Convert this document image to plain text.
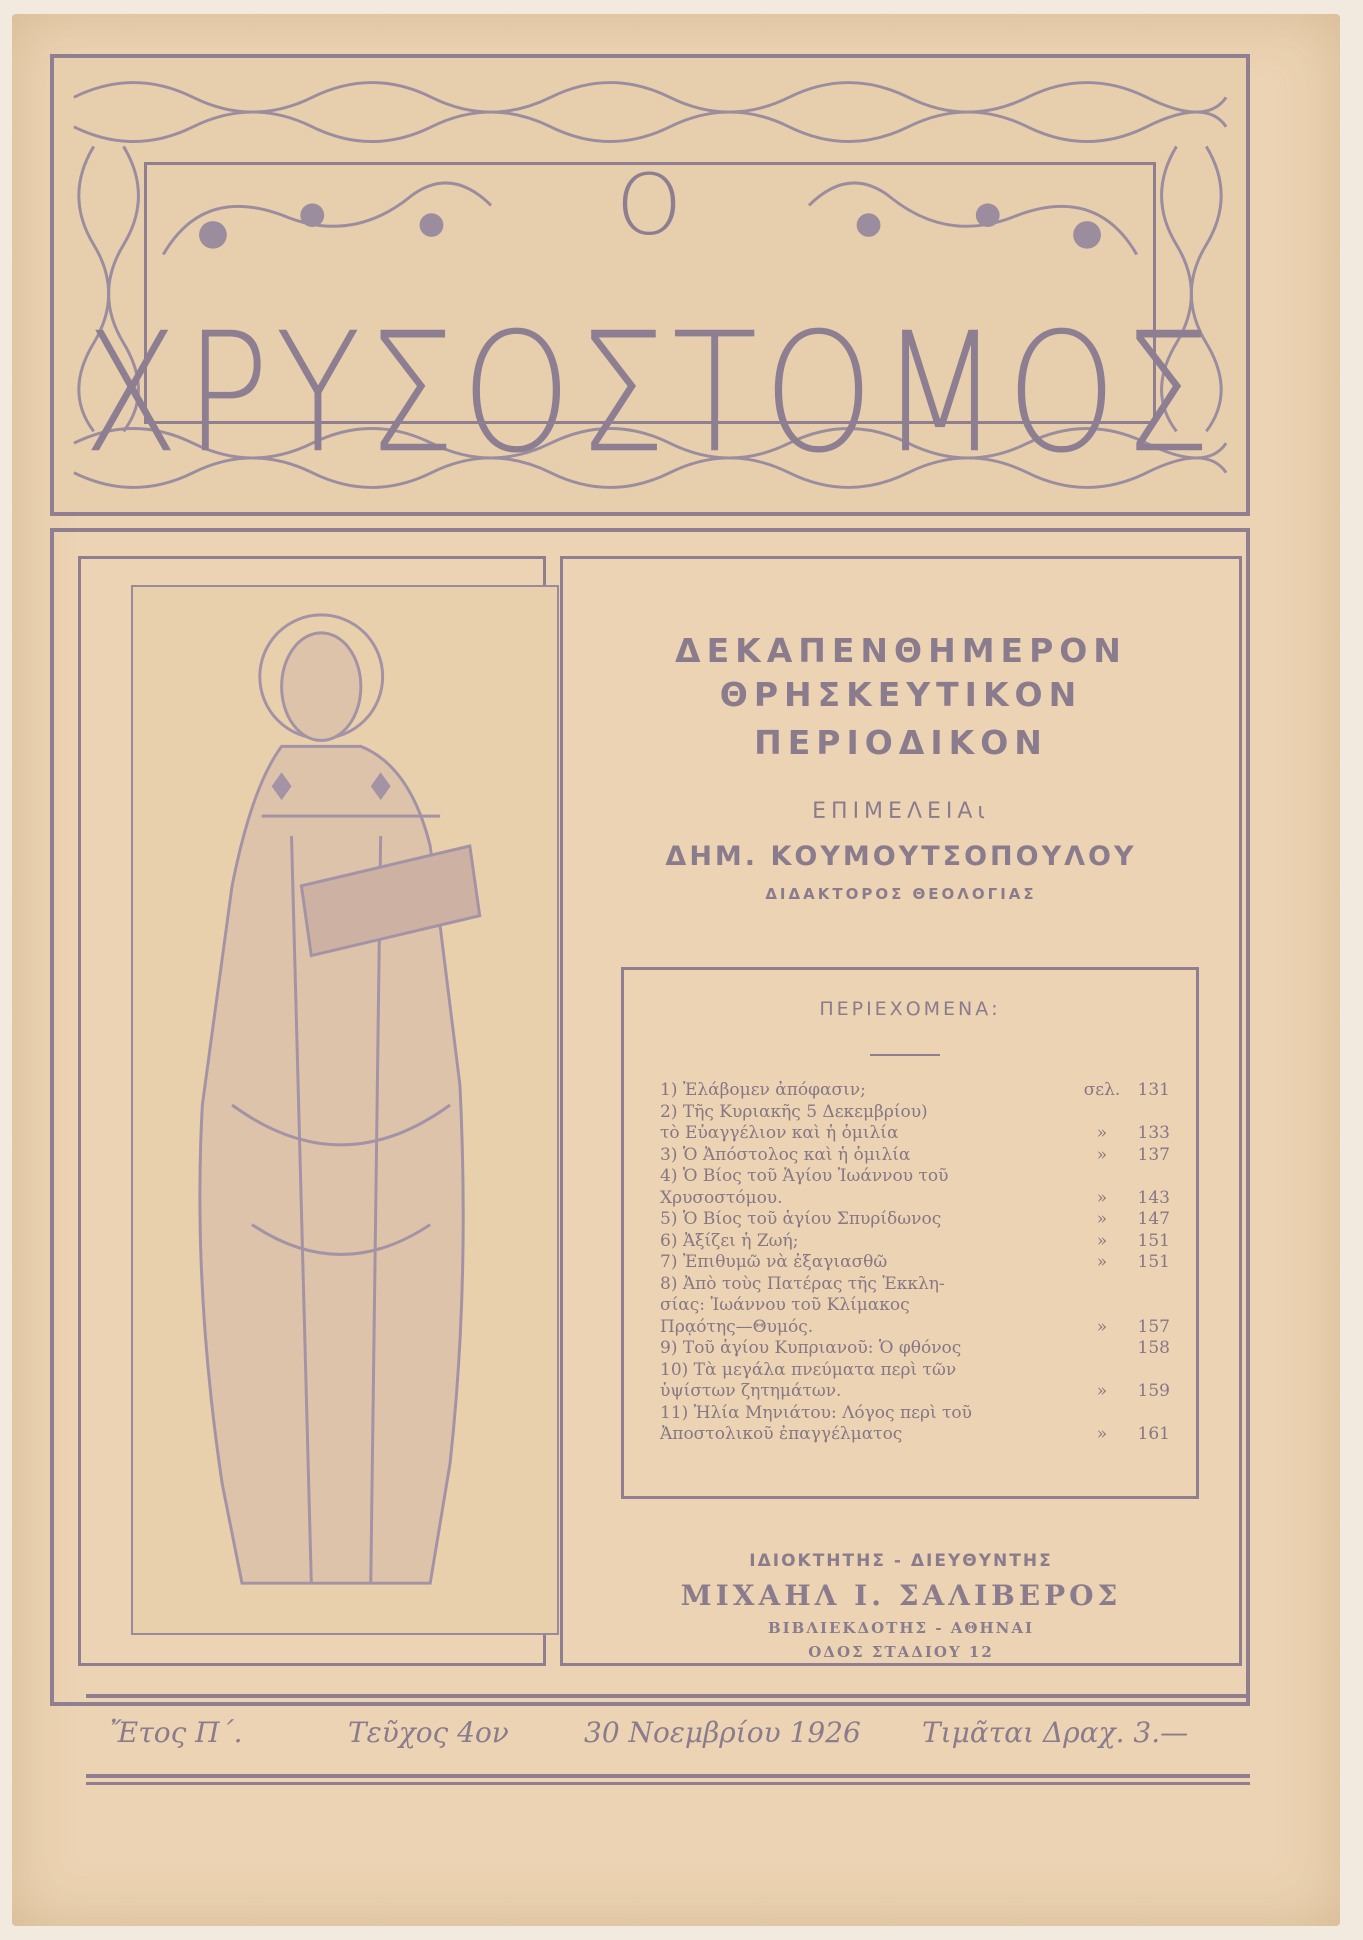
Ο
ΧΡΥΣΟΣΤΟΜΟΣ
ΔΕΚΑΠΕΝΘΗΜΕΡΟΝ
ΘΡΗΣΚΕΥΤΙΚΟΝ
ΠΕΡΙΟΔΙΚΟΝ
ΕΠΙΜΕΛΕΙΑι
ΔΗΜ. ΚΟΥΜΟΥΤΣΟΠΟΥΛΟΥ
ΔΙΔΑΚΤΟΡΟΣ ΘΕΟΛΟΓΙΑΣ
ΠΕΡΙΕΧΟΜΕΝΑ:
1) Ἐλάβομεν ἀπόφασιν;	σελ.	131
2) Τῆς Κυριακῆς 5 Δεκεμβρίου)
τὸ Εὐαγγέλιον καὶ ἡ ὁμιλία	»	133
3) Ὁ Ἀπόστολος καὶ ἡ ὁμιλία	»	137
4) Ὁ Βίος τοῦ Ἁγίου Ἰωάννου τοῦ
Χρυσοστόμου.	»	143
5) Ὁ Βίος τοῦ ἁγίου Σπυρίδωνος	»	147
6) Ἀξίζει ἡ Ζωή;	»	151
7) Ἐπιθυμῶ νὰ ἐξαγιασθῶ	»	151
8) Ἀπὸ τοὺς Πατέρας τῆς Ἐκκλη-
σίας: Ἰωάννου τοῦ Κλίμακος
Πρᾳότης—Θυμός.	»	157
9) Τοῦ ἁγίου Κυπριανοῦ: Ὁ φθόνος	158
10) Τὰ μεγάλα πνεύματα περὶ τῶν
ὑψίστων ζητημάτων.	»	159
11) Ἠλία Μηνιάτου: Λόγος περὶ τοῦ
Ἀποστολικοῦ ἐπαγγέλματος	»	161
ΙΔΙΟΚΤΗΤΗΣ - ΔΙΕΥΘΥΝΤΗΣ
ΜΙΧΑΗΛ Ι. ΣΑΛΙΒΕΡΟΣ
ΒΙΒΛΙΕΚΔΟΤΗΣ - ΑΘΗΝΑΙ
ΟΔΟΣ ΣΤΑΔΙΟΥ 12
Ἔτος Π´.	Τεῦχος 4ον	30 Νοεμβρίου 1926 Τιμᾶται Δραχ. 3.—
